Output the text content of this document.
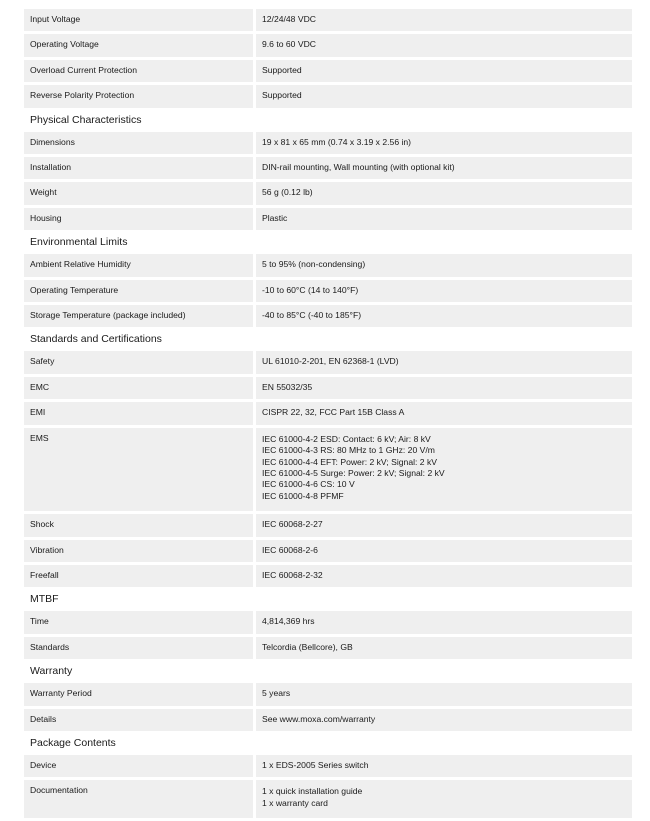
Input Voltage	12/24/48 VDC
Operating Voltage	9.6 to 60 VDC
Overload Current Protection	Supported
Reverse Polarity Protection	Supported
Physical Characteristics
Dimensions	19 x 81 x 65 mm (0.74 x 3.19 x 2.56 in)
Installation	DIN-rail mounting, Wall mounting (with optional kit)
Weight	56 g (0.12 lb)
Housing	Plastic
Environmental Limits
Ambient Relative Humidity	5 to 95% (non-condensing)
Operating Temperature	-10 to 60°C (14 to 140°F)
Storage Temperature (package included)	-40 to 85°C (-40 to 185°F)
Standards and Certifications
Safety	UL 61010-2-201, EN 62368-1 (LVD)
EMC	EN 55032/35
EMI	CISPR 22, 32, FCC Part 15B Class A
EMS	IEC 61000-4-2 ESD: Contact: 6 kV; Air: 8 kV
IEC 61000-4-3 RS: 80 MHz to 1 GHz: 20 V/m
IEC 61000-4-4 EFT: Power: 2 kV; Signal: 2 kV
IEC 61000-4-5 Surge: Power: 2 kV; Signal: 2 kV
IEC 61000-4-6 CS: 10 V
IEC 61000-4-8 PFMF
Shock	IEC 60068-2-27
Vibration	IEC 60068-2-6
Freefall	IEC 60068-2-32
MTBF
Time	4,814,369 hrs
Standards	Telcordia (Bellcore), GB
Warranty
Warranty Period	5 years
Details	See www.moxa.com/warranty
Package Contents
Device	1 x EDS-2005 Series switch
Documentation	1 x quick installation guide
1 x warranty card
